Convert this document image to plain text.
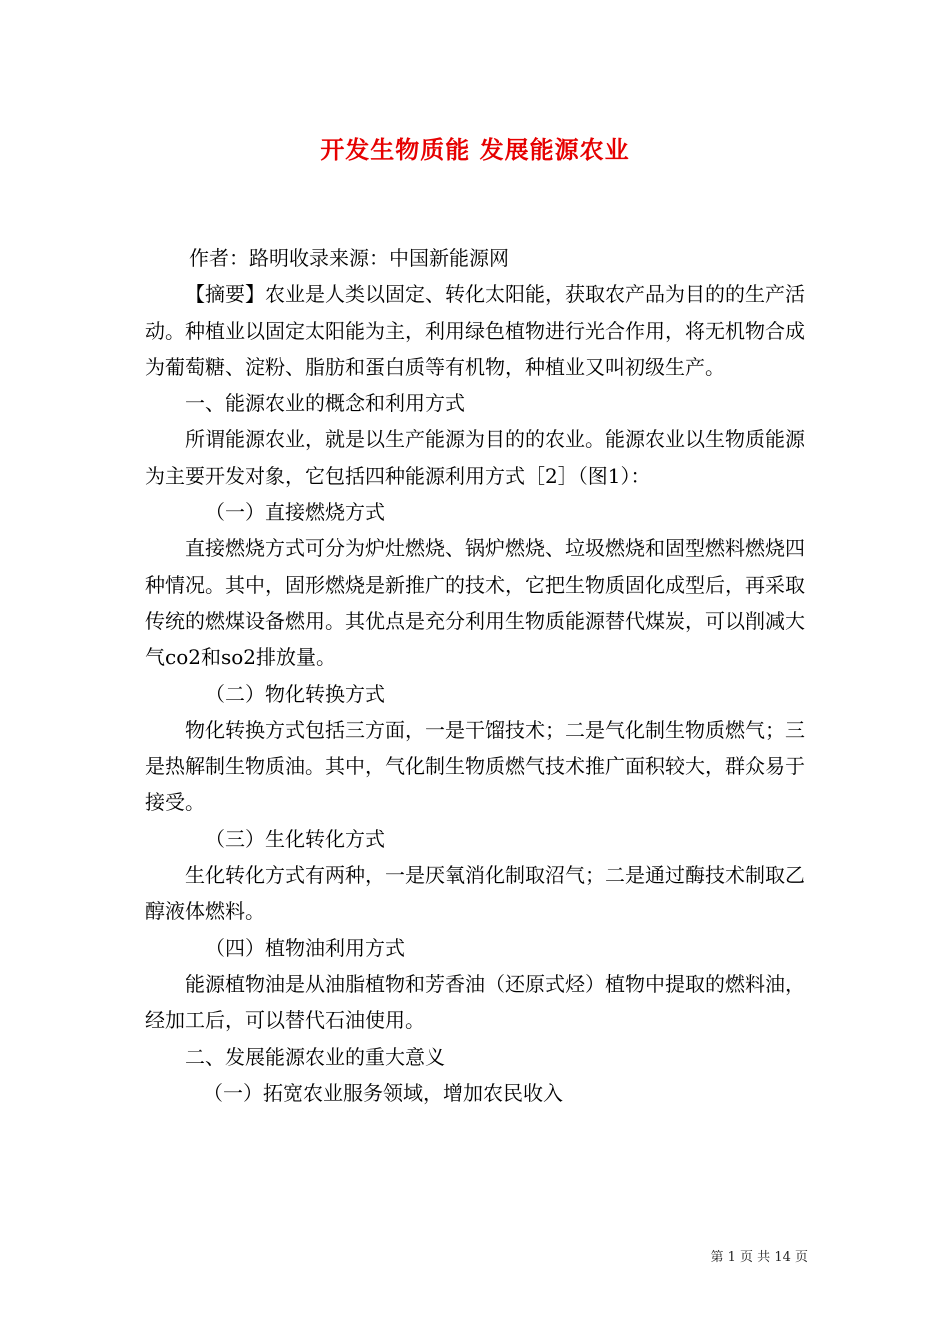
开发生物质能 发展能源农业

作者：路明收录来源：中国新能源网

【摘要】农业是人类以固定、转化太阳能，获取农产品为目的的生产活动。种植业以固定太阳能为主，利用绿色植物进行光合作用，将无机物合成为葡萄糖、淀粉、脂肪和蛋白质等有机物，种植业又叫初级生产。

一、能源农业的概念和利用方式

所谓能源农业，就是以生产能源为目的的农业。能源农业以生物质能源为主要开发对象，它包括四种能源利用方式［2］（图1）：

（一）直接燃烧方式

直接燃烧方式可分为炉灶燃烧、锅炉燃烧、垃圾燃烧和固型燃料燃烧四种情况。其中，固形燃烧是新推广的技术，它把生物质固化成型后，再采取传统的燃煤设备燃用。其优点是充分利用生物质能源替代煤炭，可以削减大气co2和so2排放量。

（二）物化转换方式

物化转换方式包括三方面，一是干馏技术；二是气化制生物质燃气；三是热解制生物质油。其中，气化制生物质燃气技术推广面积较大，群众易于接受。

（三）生化转化方式

生化转化方式有两种，一是厌氧消化制取沼气；二是通过酶技术制取乙醇液体燃料。

（四）植物油利用方式

能源植物油是从油脂植物和芳香油（还原式烃）植物中提取的燃料油，经加工后，可以替代石油使用。

二、发展能源农业的重大意义

（一）拓宽农业服务领域，增加农民收入

第 1 页 共 14 页
